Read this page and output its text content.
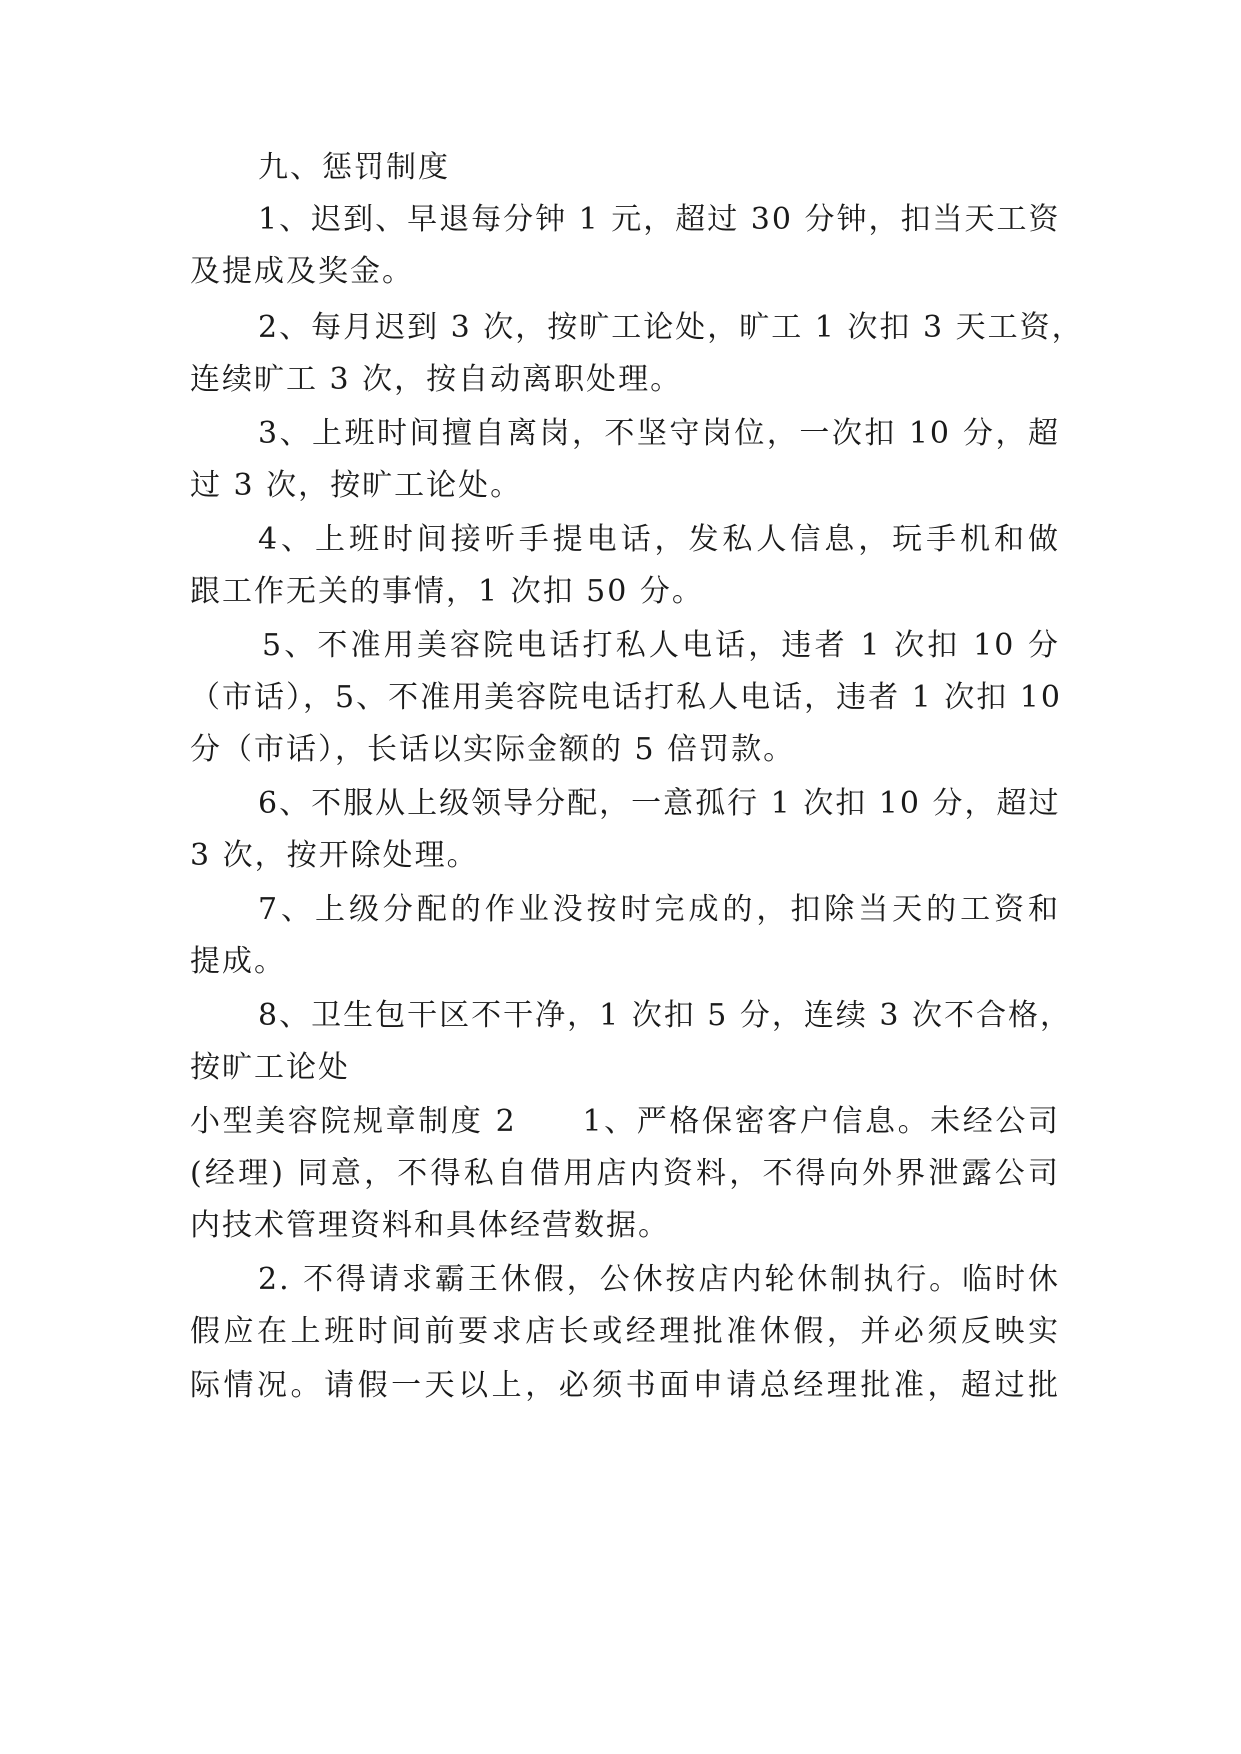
九、惩罚制度

1、迟到、早退每分钟 1 元，超过 30 分钟，扣当天工资

及提成及奖金。

2、每月迟到 3 次，按旷工论处，旷工 1 次扣 3 天工资，

连续旷工 3 次，按自动离职处理。

3、上班时间擅自离岗，不坚守岗位，一次扣 10 分，超

过 3 次，按旷工论处。

4、上班时间接听手提电话，发私人信息，玩手机和做

跟工作无关的事情，1 次扣 50 分。

5、不准用美容院电话打私人电话，违者 1 次扣 10 分

（市话），5、不准用美容院电话打私人电话，违者 1 次扣 10

分（市话），长话以实际金额的 5 倍罚款。

6、不服从上级领导分配，一意孤行 1 次扣 10 分，超过

3 次，按开除处理。

7、上级分配的作业没按时完成的，扣除当天的工资和

提成。

8、卫生包干区不干净，1 次扣 5 分，连续 3 次不合格，

按旷工论处

小型美容院规章制度 2　　1、严格保密客户信息。未经公司

(经理) 同意，不得私自借用店内资料，不得向外界泄露公司

内技术管理资料和具体经营数据。

2. 不得请求霸王休假，公休按店内轮休制执行。临时休

假应在上班时间前要求店长或经理批准休假，并必须反映实

际情况。请假一天以上，必须书面申请总经理批准，超过批
